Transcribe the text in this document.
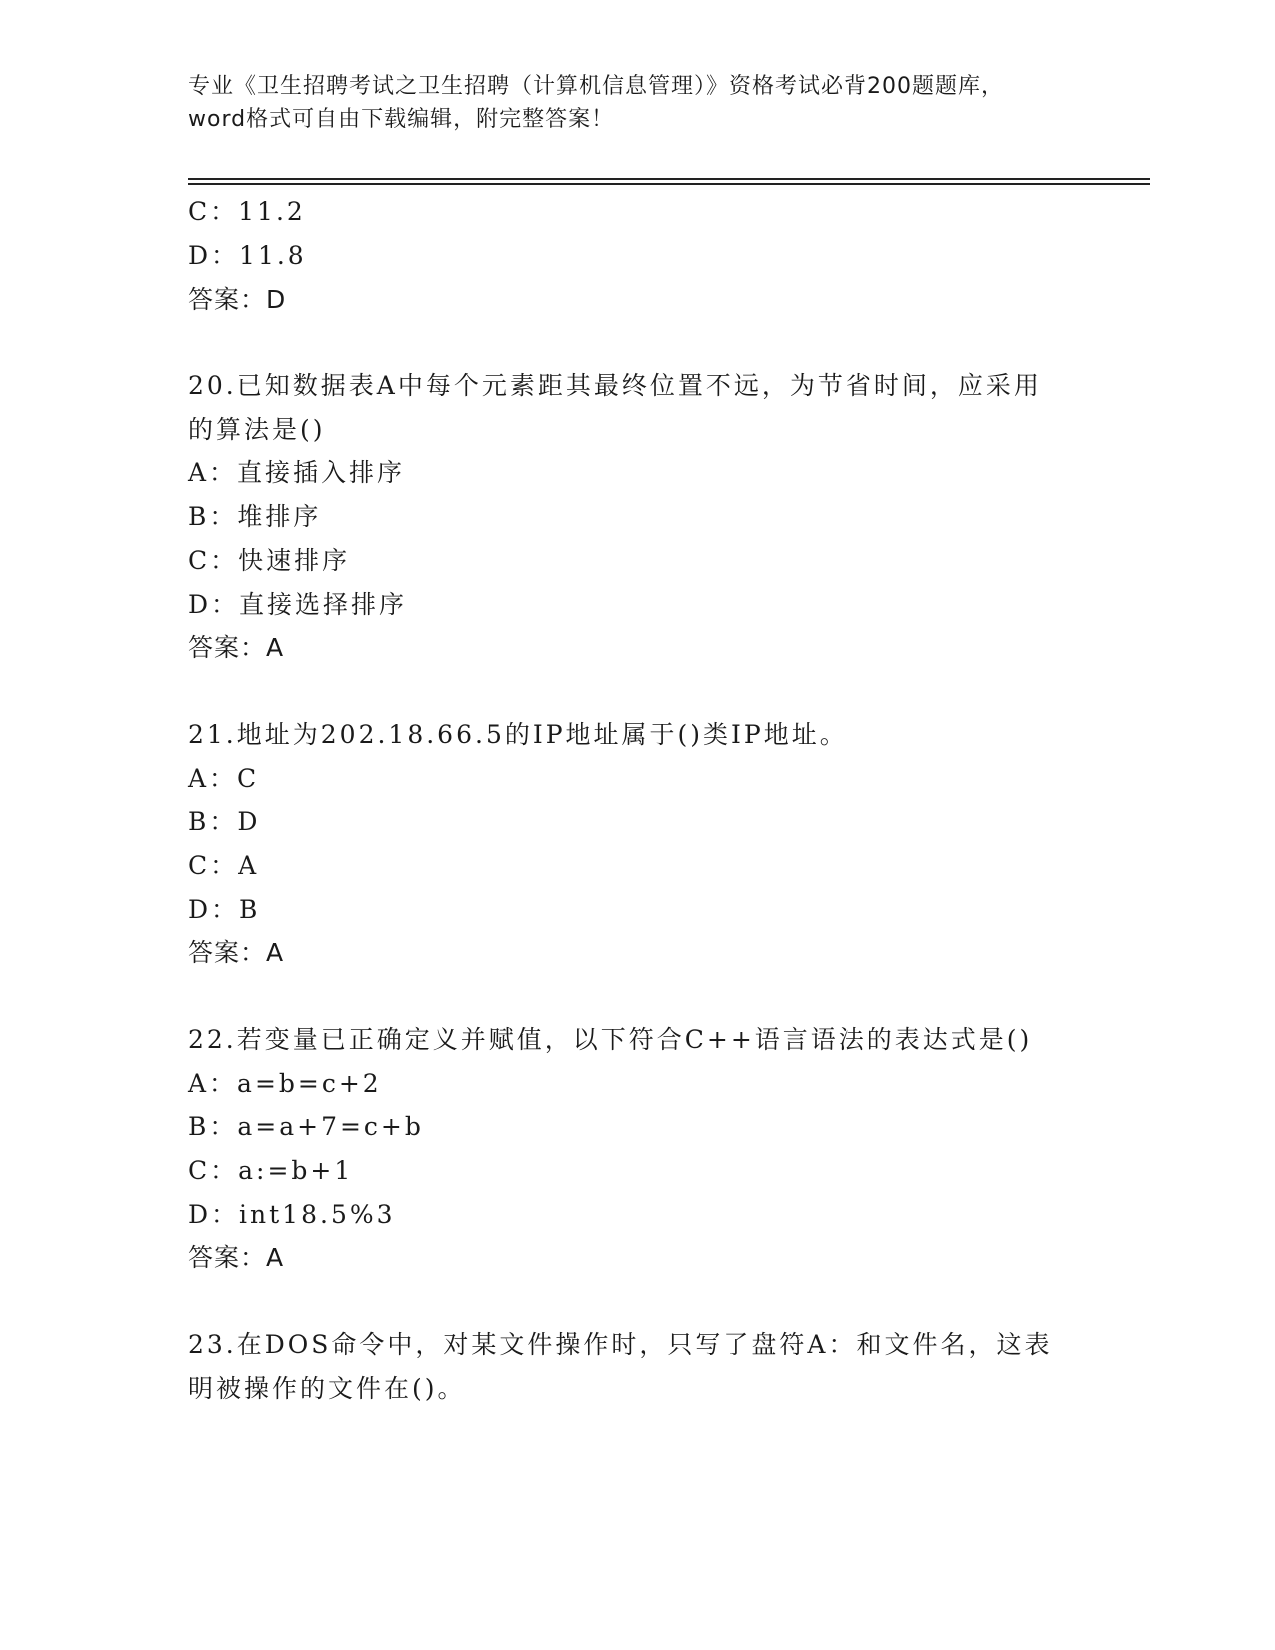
专业《卫生招聘考试之卫生招聘（计算机信息管理）》资格考试必背200题题库，
word格式可自由下载编辑，附完整答案！
C：11.2
D：11.8
答案：D
20.已知数据表A中每个元素距其最终位置不远，为节省时间，应采用
的算法是()
A：直接插入排序
B：堆排序
C：快速排序
D：直接选择排序
答案：A
21.地址为202.18.66.5的IP地址属于()类IP地址。
A：C
B：D
C：A
D：B
答案：A
22.若变量已正确定义并赋值，以下符合C++语言语法的表达式是()
A：a=b=c+2
B：a=a+7=c+b
C：a:=b+1
D：int18.5%3
答案：A
23.在DOS命令中，对某文件操作时，只写了盘符A：和文件名，这表
明被操作的文件在()。
